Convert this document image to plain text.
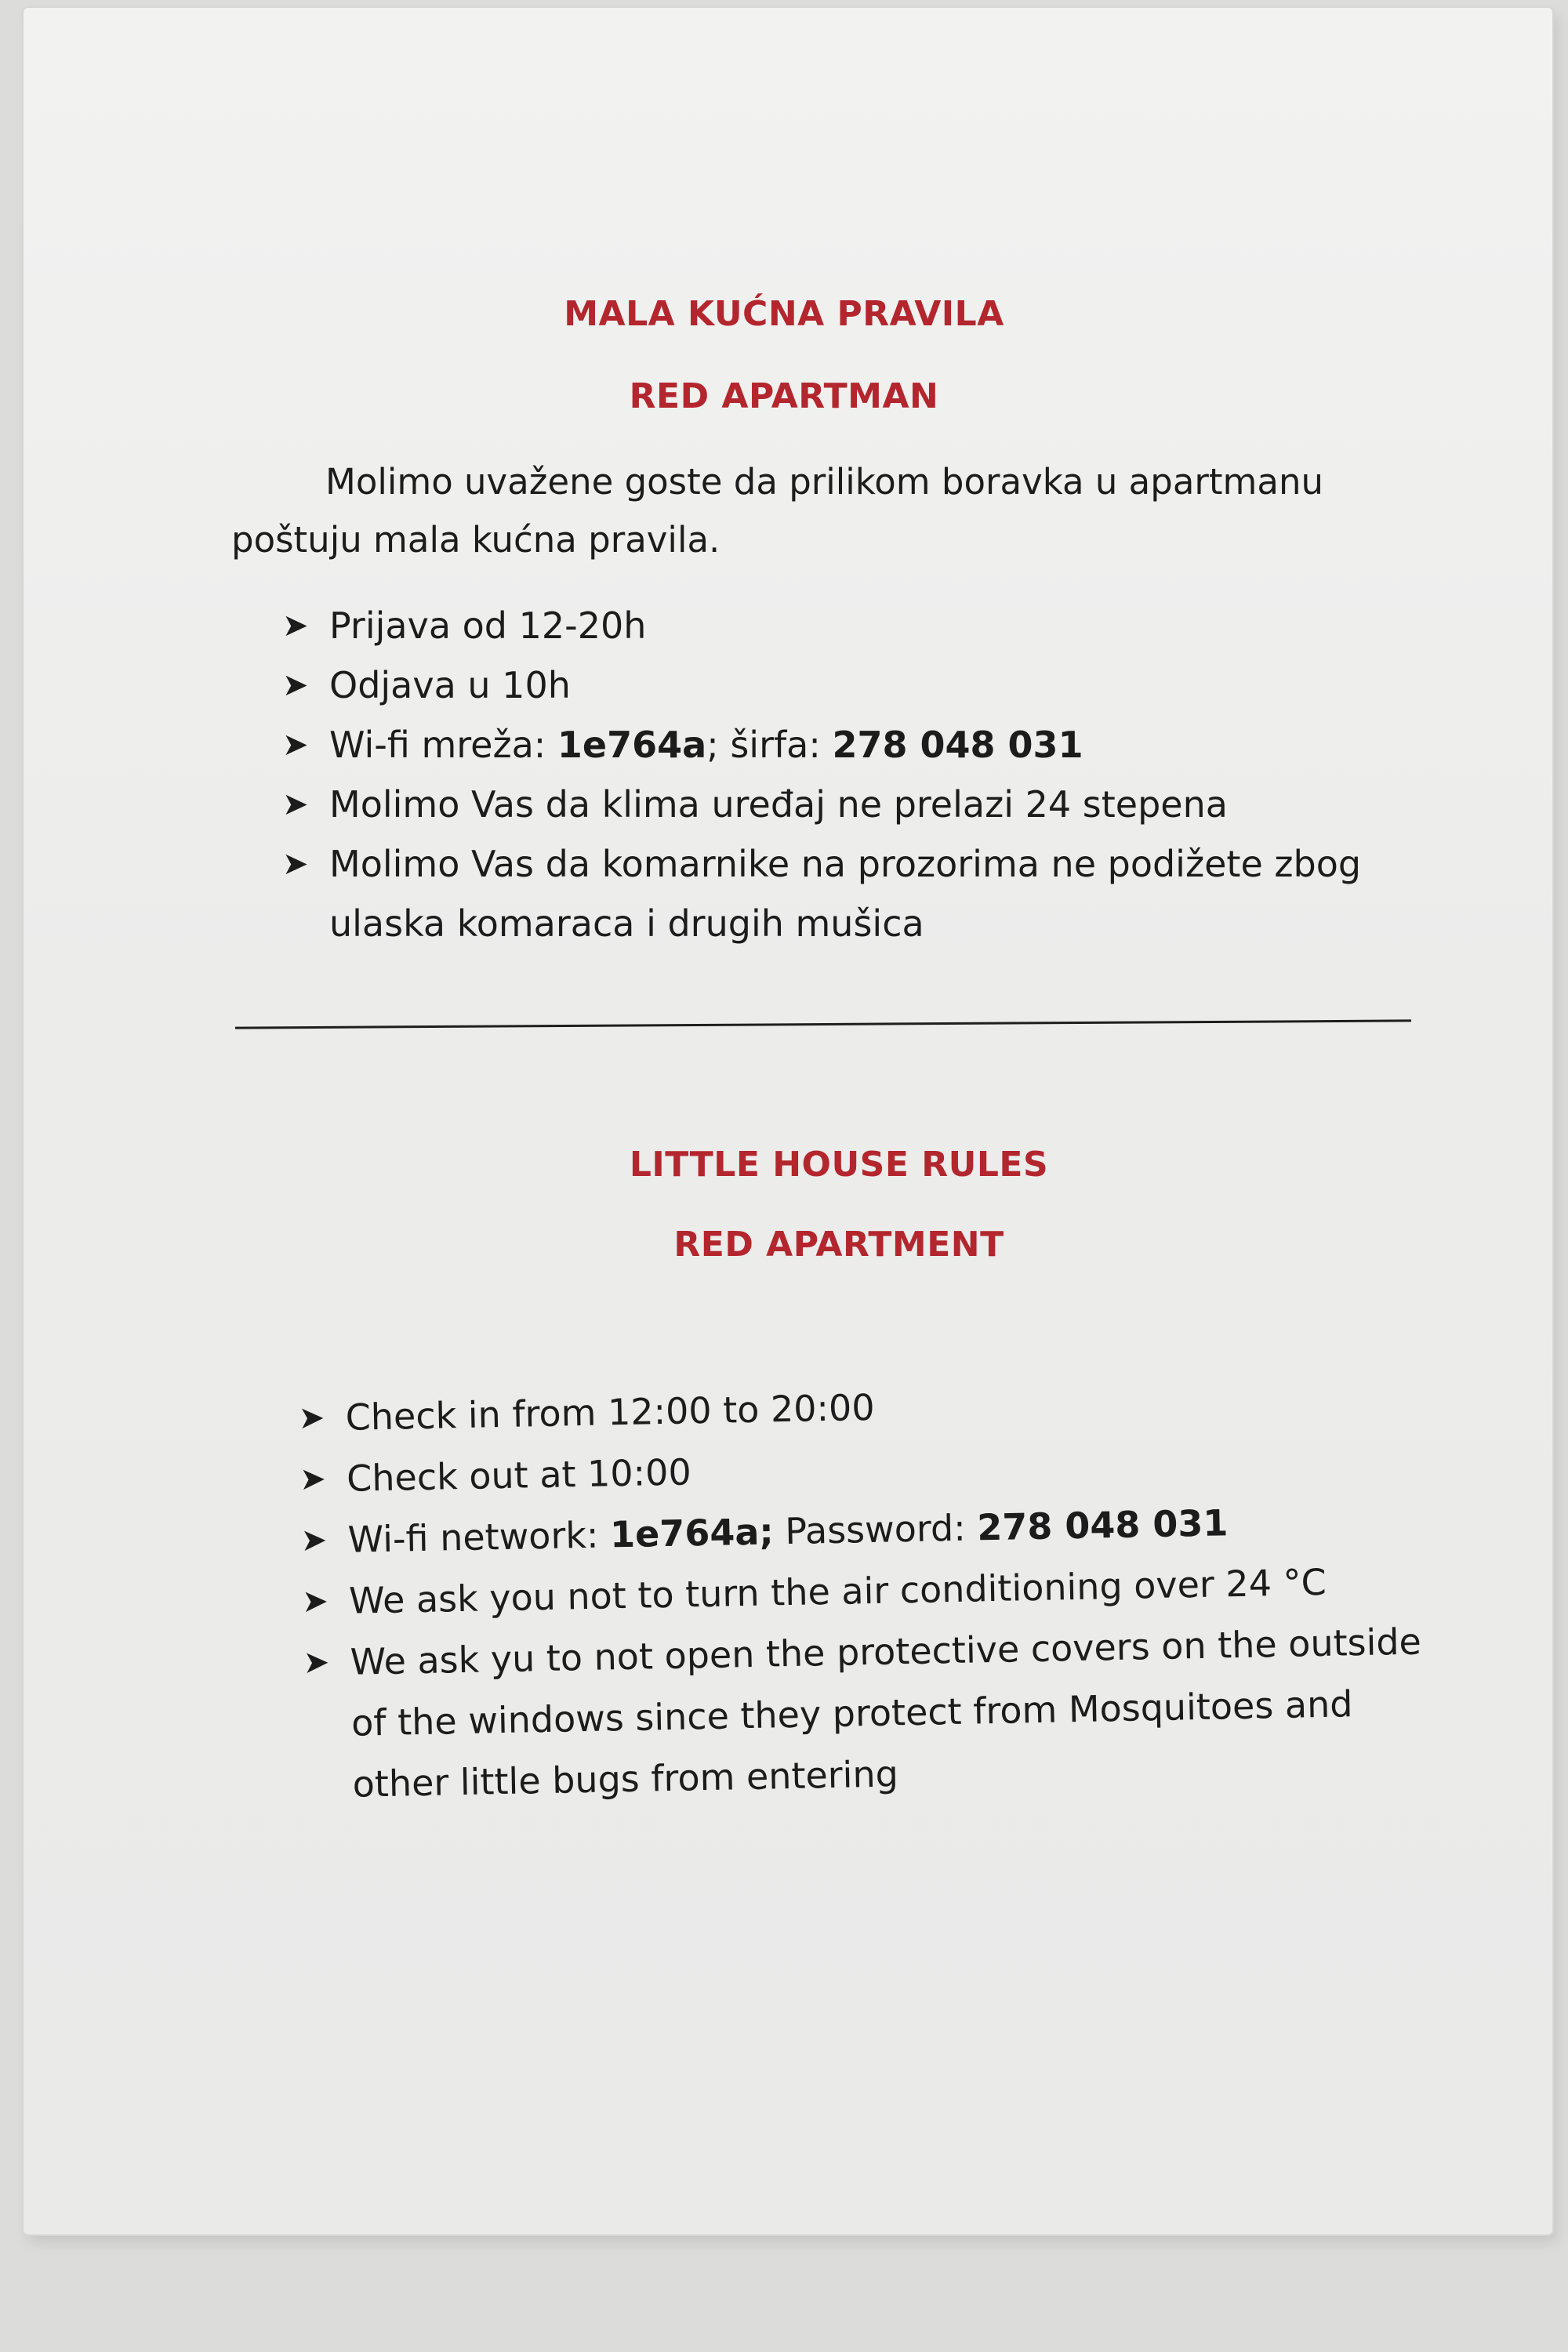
MALA KUĆNA PRAVILA
RED APARTMAN

Molimo uvažene goste da prilikom boravka u apartmanu poštuju mala kućna pravila.

➤ Prijava od 12-20h
➤ Odjava u 10h
➤ Wi-fi mreža: 1e764a; širfa: 278 048 031
➤ Molimo Vas da klima uređaj ne prelazi 24 stepena
➤ Molimo Vas da komarnike na prozorima ne podižete zbog ulaska komaraca i drugih mušica
LITTLE HOUSE RULES
RED APARTMENT
➤ Check in from 12:00 to 20:00
➤ Check out at 10:00
➤ Wi-fi network: 1e764a; Password: 278 048 031
➤ We ask you not to turn the air conditioning over 24 °C
➤ We ask yu to not open the protective covers on the outside of the windows since they protect from Mosquitoes and other little bugs from entering
